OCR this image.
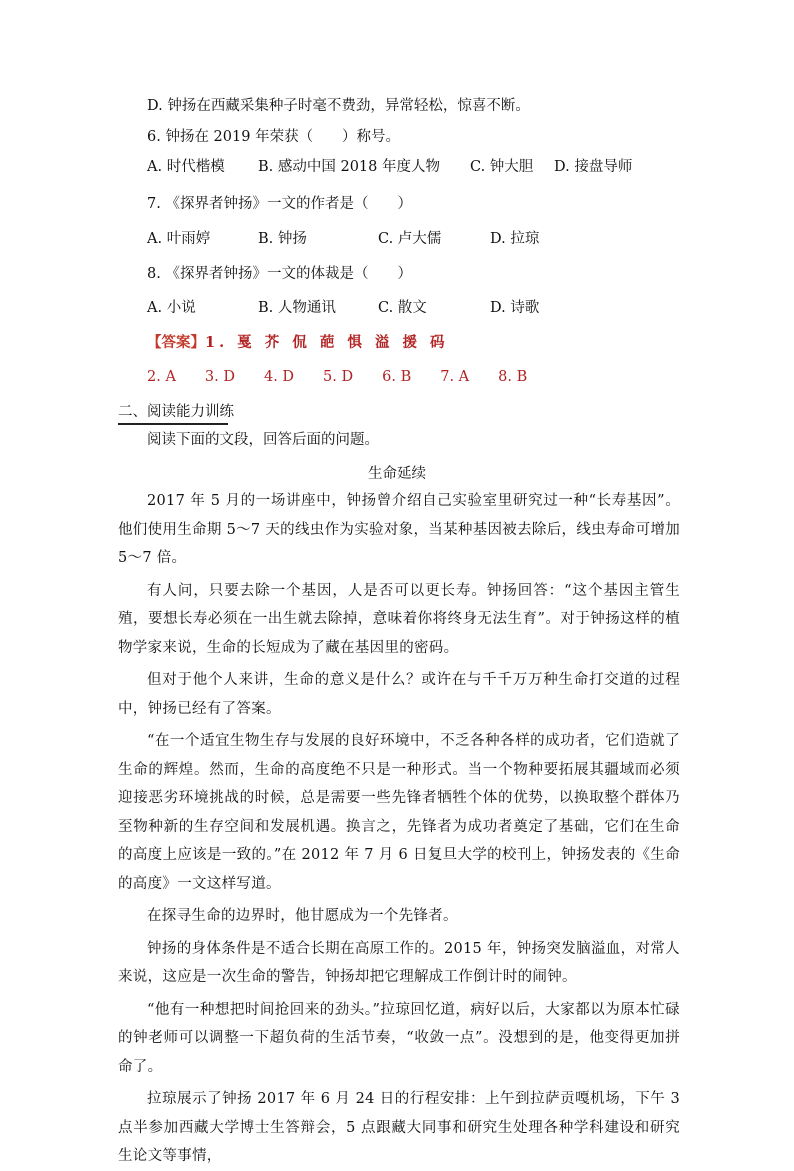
D. 钟扬在西藏采集种子时毫不费劲，异常轻松，惊喜不断。
6. 钟扬在 2019 年荣获（　　）称号。
A. 时代楷模 B. 感动中国 2018 年度人物 C. 钟大胆 D. 接盘导师
7. 《探界者钟扬》一文的作者是（　　）
A. 叶雨婷	B. 钟扬	C. 卢大儒	D. 拉琼
8. 《探界者钟扬》一文的体裁是（　　）
A. 小说	B. 人物通讯	C. 散文	D. 诗歌
【答案】1. 戛 芥 侃 葩 惧 溢 援 码
2. A　　3. D　　4. D　　5. D　　6. B　　7. A　　8. B
二、阅读能力训练
阅读下面的文段，回答后面的问题。
生命延续

2017 年 5 月的一场讲座中，钟扬曾介绍自己实验室里研究过一种“长寿基因”。他们使用生命期 5～7 天的线虫作为实验对象，当某种基因被去除后，线虫寿命可增加 5～7 倍。

有人问，只要去除一个基因，人是否可以更长寿。钟扬回答：“这个基因主管生殖，要想长寿必须在一出生就去除掉，意味着你将终身无法生育”。对于钟扬这样的植物学家来说，生命的长短成为了藏在基因里的密码。

但对于他个人来讲，生命的意义是什么？或许在与千千万万种生命打交道的过程中，钟扬已经有了答案。

“在一个适宜生物生存与发展的良好环境中，不乏各种各样的成功者，它们造就了生命的辉煌。然而，生命的高度绝不只是一种形式。当一个物种要拓展其疆域而必须迎接恶劣环境挑战的时候，总是需要一些先锋者牺牲个体的优势，以换取整个群体乃至物种新的生存空间和发展机遇。换言之，先锋者为成功者奠定了基础，它们在生命的高度上应该是一致的。”在 2012 年 7 月 6 日复旦大学的校刊上，钟扬发表的《生命的高度》一文这样写道。

在探寻生命的边界时，他甘愿成为一个先锋者。

钟扬的身体条件是不适合长期在高原工作的。2015 年，钟扬突发脑溢血，对常人来说，这应是一次生命的警告，钟扬却把它理解成工作倒计时的闹钟。

“他有一种想把时间抢回来的劲头。”拉琼回忆道，病好以后，大家都以为原本忙碌的钟老师可以调整一下超负荷的生活节奏，“收敛一点”。没想到的是，他变得更加拼命了。

拉琼展示了钟扬 2017 年 6 月 24 日的行程安排：上午到拉萨贡嘎机场，下午 3 点半参加西藏大学博士生答辩会，5 点跟藏大同事和研究生处理各种学科建设和研究生论文等事情，
